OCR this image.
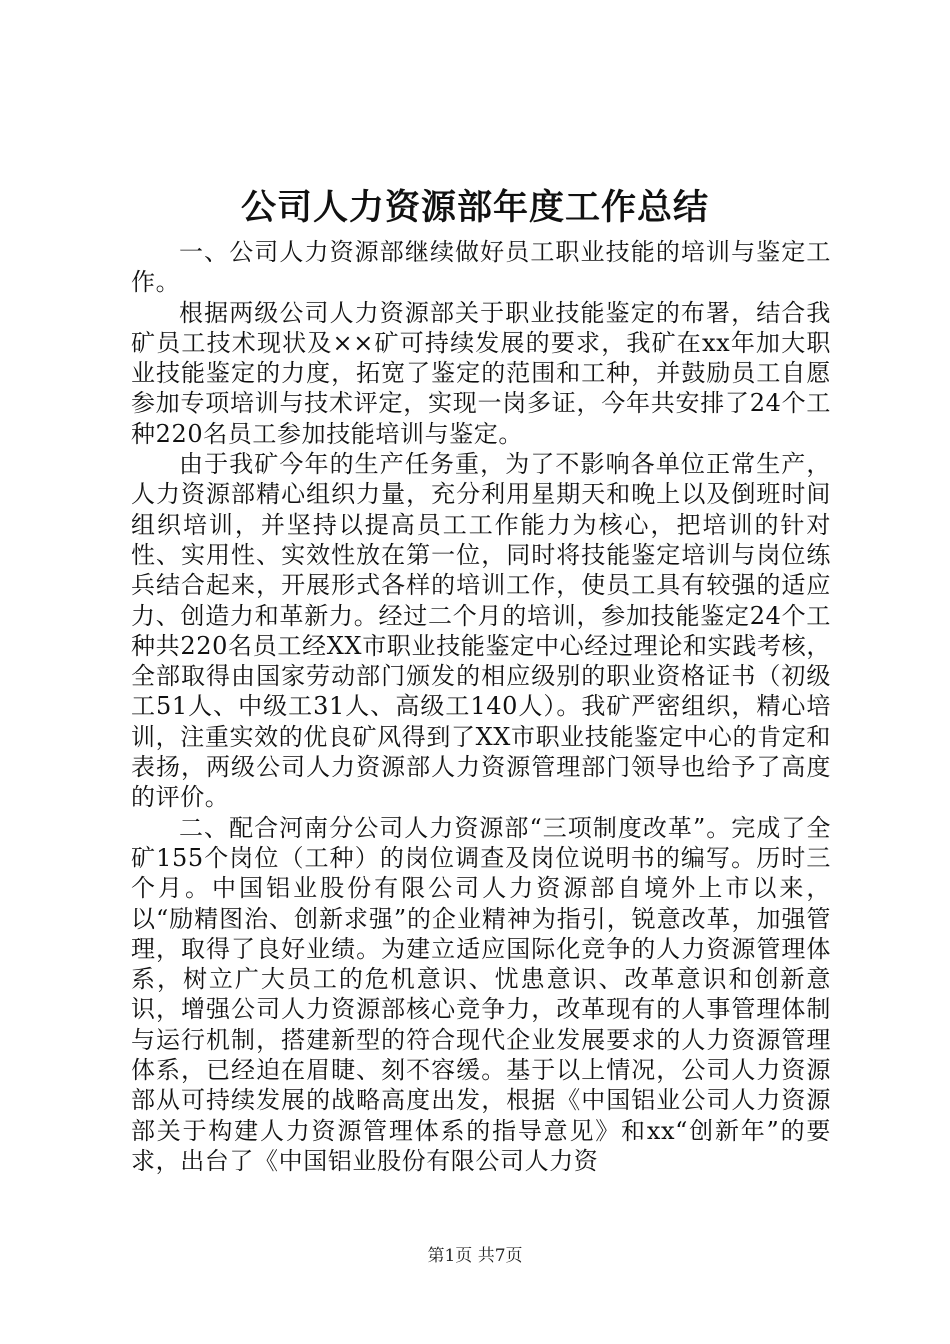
公司人力资源部年度工作总结

一、公司人力资源部继续做好员工职业技能的培训与鉴定工作。

根据两级公司人力资源部关于职业技能鉴定的布署，结合我矿员工技术现状及××矿可持续发展的要求，我矿在xx年加大职业技能鉴定的力度，拓宽了鉴定的范围和工种，并鼓励员工自愿参加专项培训与技术评定，实现一岗多证，今年共安排了24个工种220名员工参加技能培训与鉴定。

由于我矿今年的生产任务重，为了不影响各单位正常生产，人力资源部精心组织力量，充分利用星期天和晚上以及倒班时间组织培训，并坚持以提高员工工作能力为核心，把培训的针对性、实用性、实效性放在第一位，同时将技能鉴定培训与岗位练兵结合起来，开展形式各样的培训工作，使员工具有较强的适应力、创造力和革新力。经过二个月的培训，参加技能鉴定24个工种共220名员工经XX市职业技能鉴定中心经过理论和实践考核，全部取得由国家劳动部门颁发的相应级别的职业资格证书（初级工51人、中级工31人、高级工140人）。我矿严密组织，精心培训，注重实效的优良矿风得到了XX市职业技能鉴定中心的肯定和表扬，两级公司人力资源部人力资源管理部门领导也给予了高度的评价。

二、配合河南分公司人力资源部“三项制度改革”。完成了全矿155个岗位（工种）的岗位调查及岗位说明书的编写。历时三个月。中国铝业股份有限公司人力资源部自境外上市以来，以“励精图治、创新求强”的企业精神为指引，锐意改革，加强管理，取得了良好业绩。为建立适应国际化竞争的人力资源管理体系，树立广大员工的危机意识、忧患意识、改革意识和创新意识，增强公司人力资源部核心竞争力，改革现有的人事管理体制与运行机制，搭建新型的符合现代企业发展要求的人力资源管理体系，已经迫在眉睫、刻不容缓。基于以上情况，公司人力资源部从可持续发展的战略高度出发，根据《中国铝业公司人力资源部关于构建人力资源管理体系的指导意见》和xx“创新年”的要求，出台了《中国铝业股份有限公司人力资

第1页 共7页
